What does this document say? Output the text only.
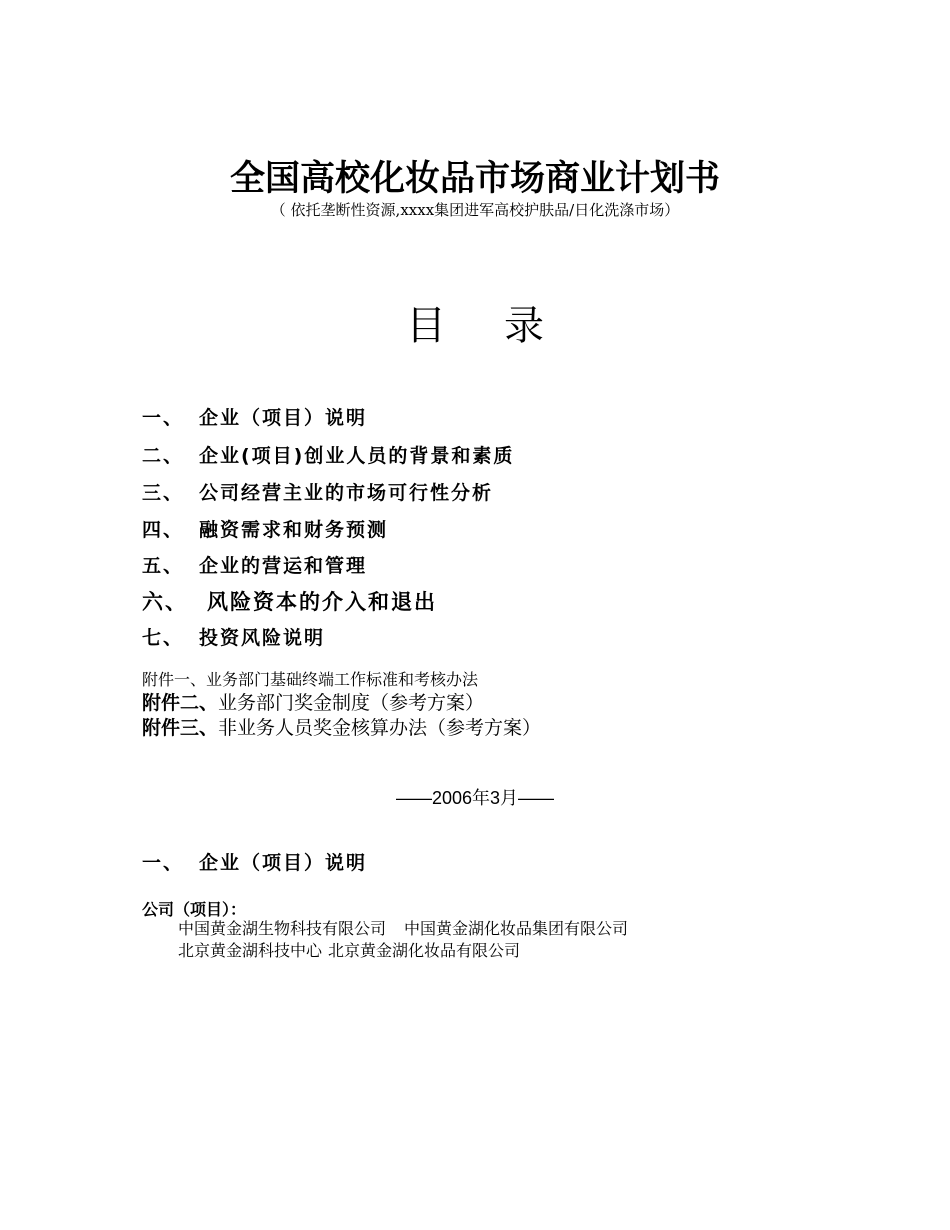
全国高校化妆品市场商业计划书
（ 依托垄断性资源,xxxx集团进军高校护肤品/日化洗涤市场）
目 录
一、 企业（项目）说明
二、 企业(项目)创业人员的背景和素质
三、 公司经营主业的市场可行性分析
四、 融资需求和财务预测
五、 企业的营运和管理
六、 风险资本的介入和退出
七、 投资风险说明
附件一、业务部门基础终端工作标准和考核办法
附件二、业务部门奖金制度（参考方案）
附件三、非业务人员奖金核算办法（参考方案）
——2006年3月——
一、 企业（项目）说明
公司（项目）：
中国黄金湖生物科技有限公司 中国黄金湖化妆品集团有限公司
北京黄金湖科技中心 北京黄金湖化妆品有限公司
